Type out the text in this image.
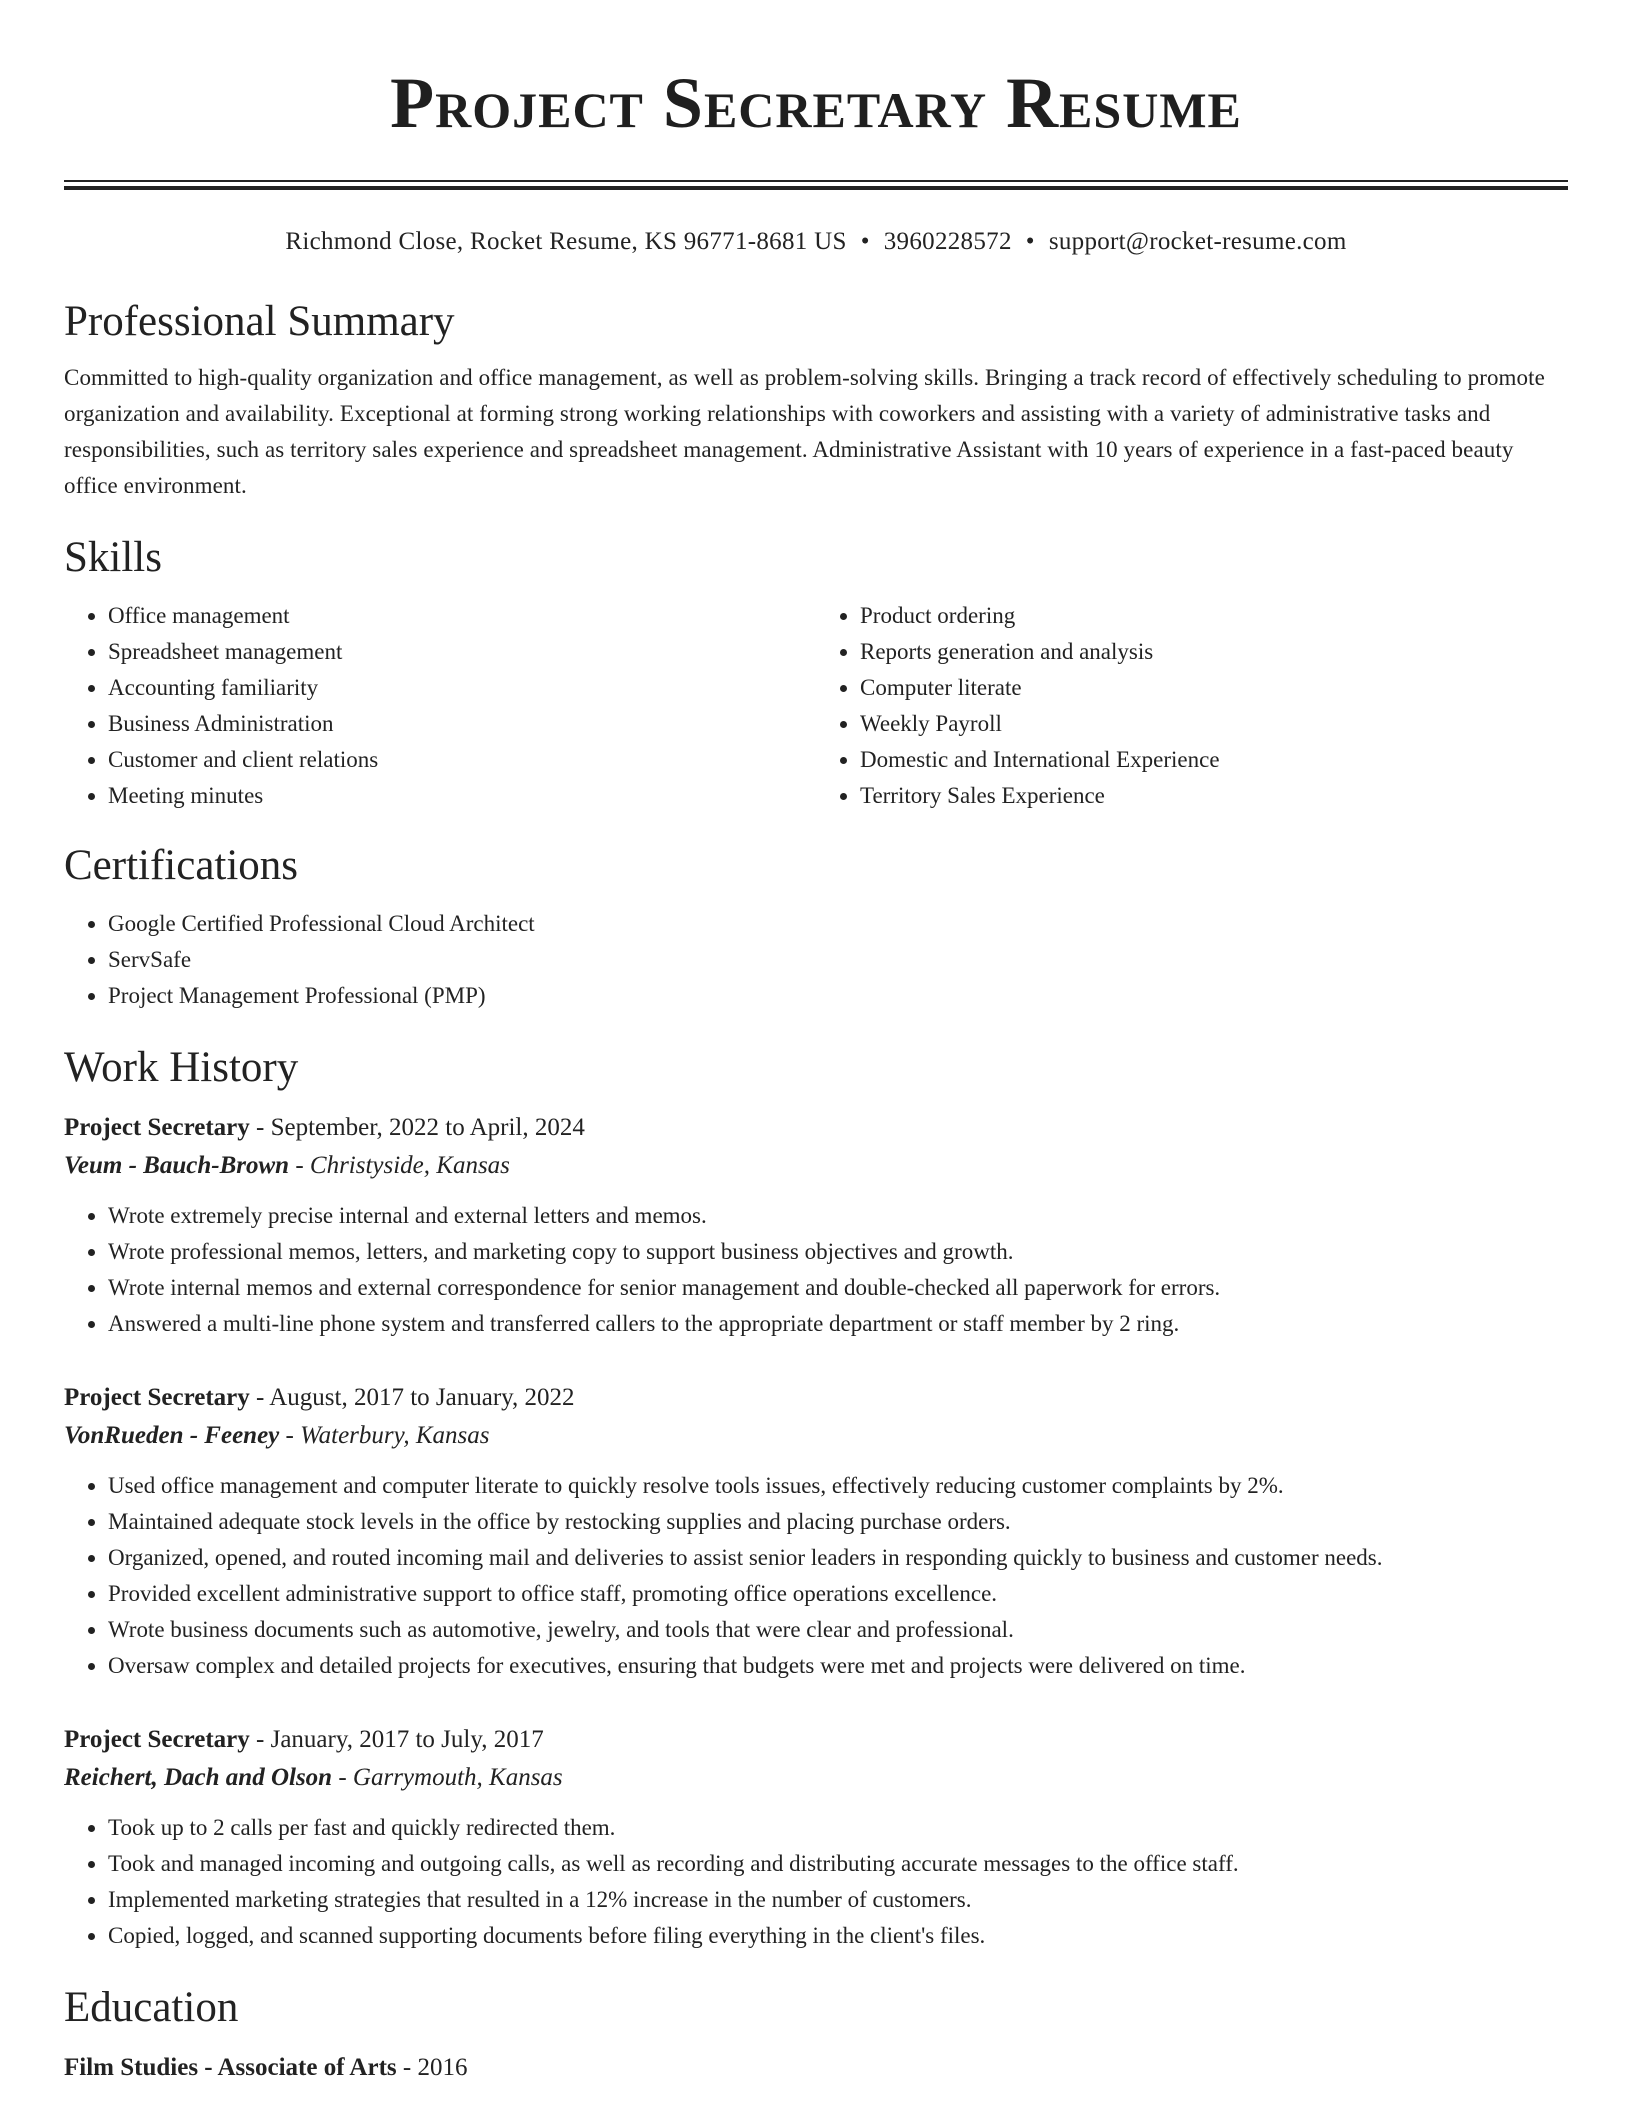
Project Secretary Resume
Richmond Close, Rocket Resume, KS 96771-8681 US • 3960228572 • support@rocket-resume.com
Professional Summary

Committed to high-quality organization and office management, as well as problem-solving skills. Bringing a track record of effectively scheduling to promote organization and availability. Exceptional at forming strong working relationships with coworkers and assisting with a variety of administrative tasks and responsibilities, such as territory sales experience and spreadsheet management. Administrative Assistant with 10 years of experience in a fast-paced beauty office environment.

Skills
• Office management
• Spreadsheet management
• Accounting familiarity
• Business Administration
• Customer and client relations
• Meeting minutes
• Product ordering
• Reports generation and analysis
• Computer literate
• Weekly Payroll
• Domestic and International Experience
• Territory Sales Experience
Certifications
• Google Certified Professional Cloud Architect
• ServSafe
• Project Management Professional (PMP)
Work History
Project Secretary - September, 2022 to April, 2024
Veum - Bauch-Brown - Christyside, Kansas
• Wrote extremely precise internal and external letters and memos.
• Wrote professional memos, letters, and marketing copy to support business objectives and growth.
• Wrote internal memos and external correspondence for senior management and double-checked all paperwork for errors.
• Answered a multi-line phone system and transferred callers to the appropriate department or staff member by 2 ring.
Project Secretary - August, 2017 to January, 2022
VonRueden - Feeney - Waterbury, Kansas
• Used office management and computer literate to quickly resolve tools issues, effectively reducing customer complaints by 2%.
• Maintained adequate stock levels in the office by restocking supplies and placing purchase orders.
• Organized, opened, and routed incoming mail and deliveries to assist senior leaders in responding quickly to business and customer needs.
• Provided excellent administrative support to office staff, promoting office operations excellence.
• Wrote business documents such as automotive, jewelry, and tools that were clear and professional.
• Oversaw complex and detailed projects for executives, ensuring that budgets were met and projects were delivered on time.
Project Secretary - January, 2017 to July, 2017
Reichert, Dach and Olson - Garrymouth, Kansas
• Took up to 2 calls per fast and quickly redirected them.
• Took and managed incoming and outgoing calls, as well as recording and distributing accurate messages to the office staff.
• Implemented marketing strategies that resulted in a 12% increase in the number of customers.
• Copied, logged, and scanned supporting documents before filing everything in the client's files.
Education
Film Studies - Associate of Arts - 2016
